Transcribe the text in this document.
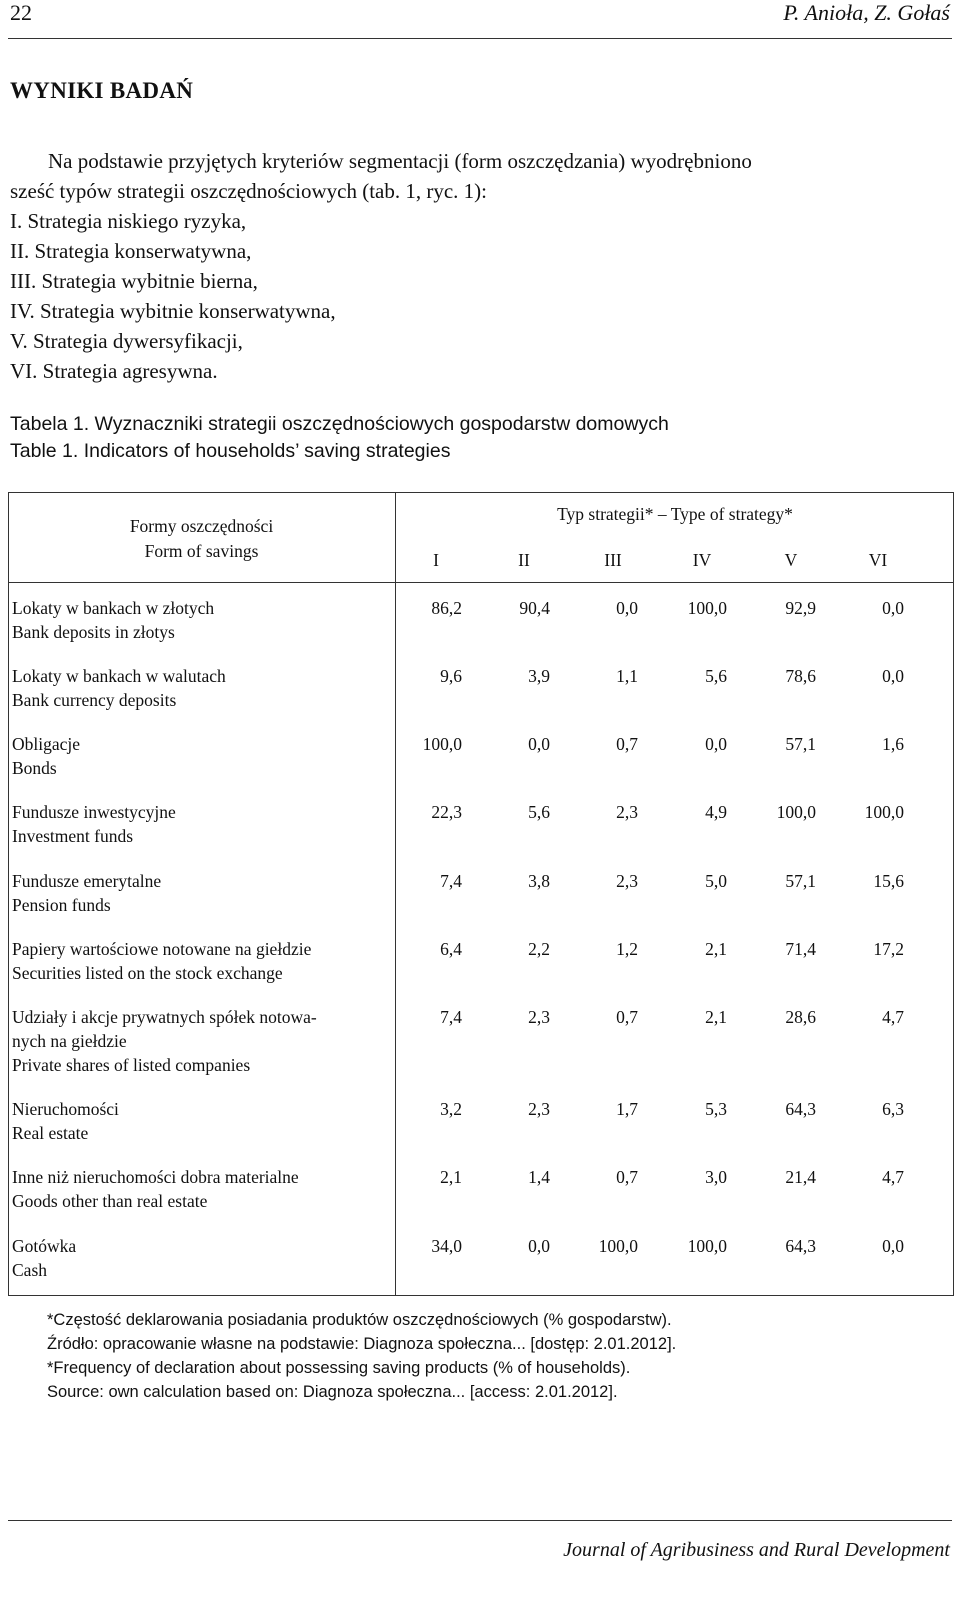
22	P. Anioła, Z. Gołaś
WYNIKI BADAŃ
Na podstawie przyjętych kryteriów segmentacji (form oszczędzania) wyodrębniono
sześć typów strategii oszczędnościowych (tab. 1, ryc. 1):
I. Strategia niskiego ryzyka,
II. Strategia konserwatywna,
III. Strategia wybitnie bierna,
IV. Strategia wybitnie konserwatywna,
V. Strategia dywersyfikacji,
VI. Strategia agresywna.
Tabela 1. Wyznaczniki strategii oszczędnościowych gospodarstw domowych
Table 1. Indicators of households’ saving strategies
Formy oszczędności
Form of savings
Typ strategii* – Type of strategy*
I	II	III	IV	V	VI
Lokaty w bankach w złotych
Bank deposits in złotys
86,2	90,4	0,0	100,0	92,9	0,0
Lokaty w bankach w walutach
Bank currency deposits
9,6	3,9	1,1	5,6	78,6	0,0
Obligacje
Bonds
100,0	0,0	0,7	0,0	57,1	1,6
Fundusze inwestycyjne
Investment funds
22,3	5,6	2,3	4,9	100,0	100,0
Fundusze emerytalne
Pension funds
7,4	3,8	2,3	5,0	57,1	15,6
Papiery wartościowe notowane na giełdzie
Securities listed on the stock exchange
6,4	2,2	1,2	2,1	71,4	17,2
Udziały i akcje prywatnych spółek notowa-
nych na giełdzie
Private shares of listed companies
7,4	2,3	0,7	2,1	28,6	4,7
Nieruchomości
Real estate
3,2	2,3	1,7	5,3	64,3	6,3
Inne niż nieruchomości dobra materialne
Goods other than real estate
2,1	1,4	0,7	3,0	21,4	4,7
Gotówka
Cash
34,0	0,0	100,0	100,0	64,3	0,0
*Częstość deklarowania posiadania produktów oszczędnościowych (% gospodarstw).
Źródło: opracowanie własne na podstawie: Diagnoza społeczna... [dostęp: 2.01.2012].
*Frequency of declaration about possessing saving products (% of households).
Source: own calculation based on: Diagnoza społeczna... [access: 2.01.2012].
Journal of Agribusiness and Rural Development
